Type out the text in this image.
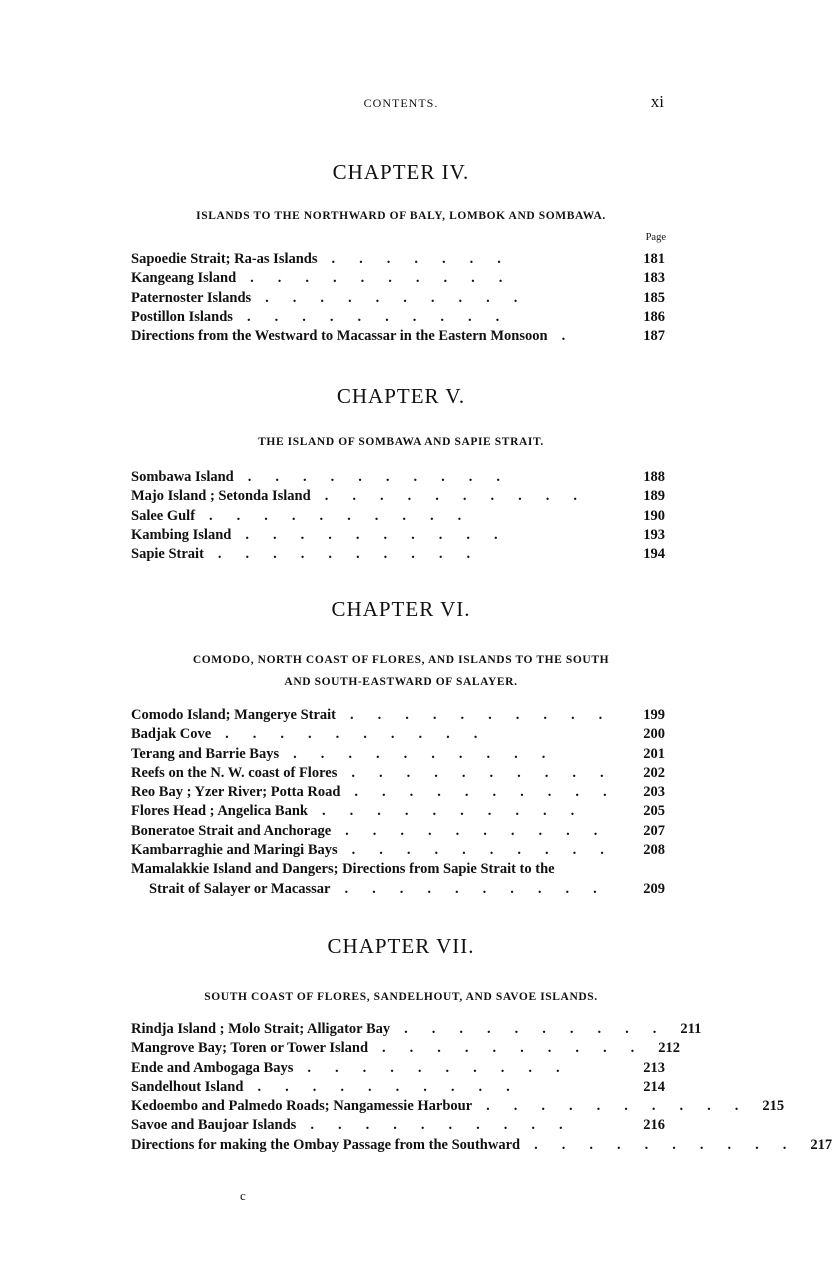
CONTENTS.	xi
CHAPTER IV.
ISLANDS TO THE NORTHWARD OF BALY, LOMBOK AND SOMBAWA.
Page
Sapoedie Strait; Ra-as Islands .......	181
Kangeang Island ..........	183
Paternoster Islands ..........	185
Postillon Islands ..........	186
Directions from the Westward to Macassar in the Eastern Monsoon .	187
CHAPTER V.
THE ISLAND OF SOMBAWA AND SAPIE STRAIT.
Sombawa Island ..........	188
Majo Island ; Setonda Island ..........	189
Salee Gulf ..........	190
Kambing Island ..........	193
Sapie Strait ..........	194
CHAPTER VI.
COMODO, NORTH COAST OF FLORES, AND ISLANDS TO THE SOUTH
AND SOUTH-EASTWARD OF SALAYER.
Comodo Island; Mangerye Strait ..........	199
Badjak Cove ..........	200
Terang and Barrie Bays ..........	201
Reefs on the N. W. coast of Flores ..........	202
Reo Bay ; Yzer River; Potta Road .......... 203
Flores Head ; Angelica Bank ..........	205
Boneratoe Strait and Anchorage ..........	207
Kambarraghie and Maringi Bays ..........	208
Mamalakkie Island and Dangers; Directions from Sapie Strait to the
Strait of Salayer or Macassar ..........	209
CHAPTER VII.
SOUTH COAST OF FLORES, SANDELHOUT, AND SAVOE ISLANDS.
Rindja Island ; Molo Strait; Alligator Bay .......... 211
Mangrove Bay; Toren or Tower Island .......... 212
Ende and Ambogaga Bays ..........	213
Sandelhout Island ..........	214
Kedoembo and Palmedo Roads; Nangamessie Harbour .......... 215
Savoe and Baujoar Islands ..........	216
Directions for making the Ombay Passage from the Southward .......... 217
c
